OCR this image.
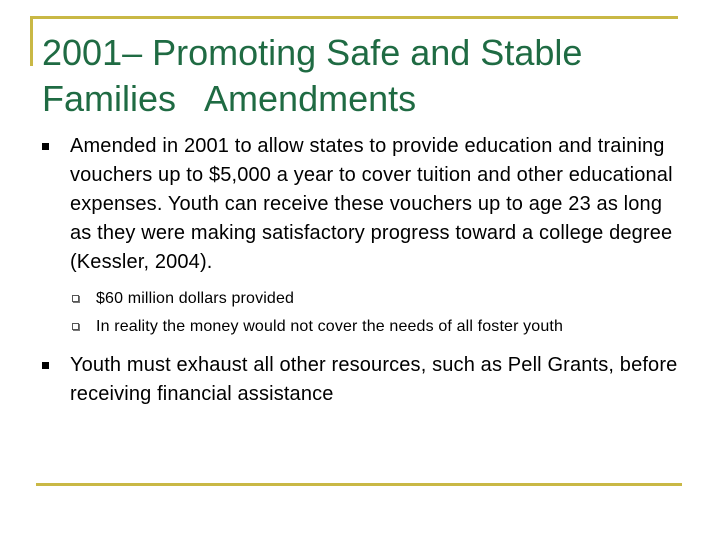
2001– Promoting Safe and Stable Families   Amendments
Amended in 2001 to allow states to provide education and training vouchers up to $5,000 a year to cover tuition and other educational expenses. Youth can receive these vouchers up to age 23 as long as they were making satisfactory progress toward a college degree (Kessler, 2004).
$60 million dollars provided
In reality the money would not cover the needs of all foster youth
Youth must exhaust all other resources, such as Pell Grants, before receiving financial assistance
